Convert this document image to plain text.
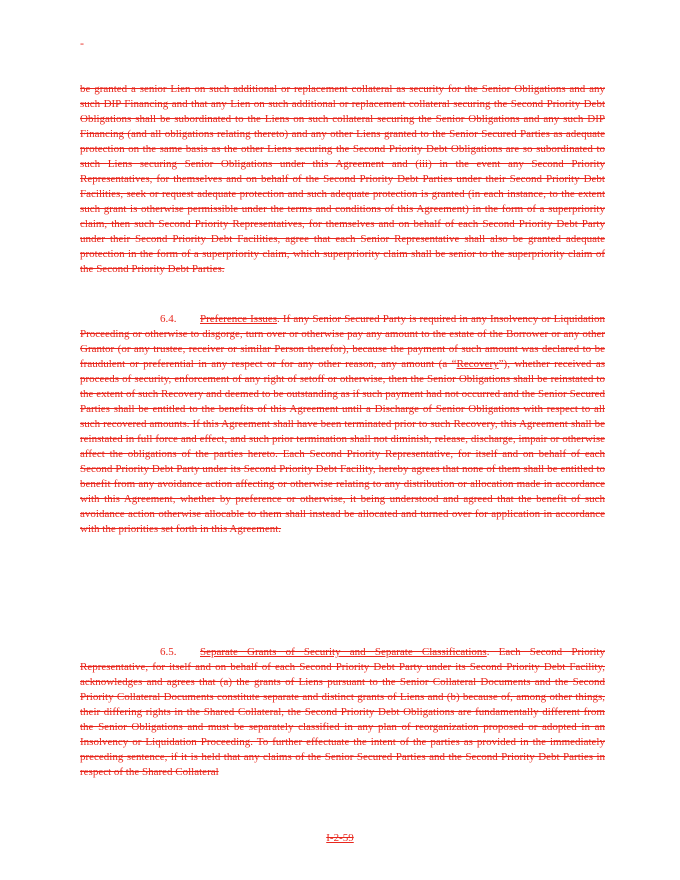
-

be granted a senior Lien on such additional or replacement collateral as security for the Senior Obligations and any such DIP Financing and that any Lien on such additional or replacement collateral securing the Second Priority Debt Obligations shall be subordinated to the Liens on such collateral securing the Senior Obligations and any such DIP Financing (and all obligations relating thereto) and any other Liens granted to the Senior Secured Parties as adequate protection on the same basis as the other Liens securing the Second Priority Debt Obligations are so subordinated to such Liens securing Senior Obligations under this Agreement and (iii) in the event any Second Priority Representatives, for themselves and on behalf of the Second Priority Debt Parties under their Second Priority Debt Facilities, seek or request adequate protection and such adequate protection is granted (in each instance, to the extent such grant is otherwise permissible under the terms and conditions of this Agreement) in the form of a superpriority claim, then such Second Priority Representatives, for themselves and on behalf of each Second Priority Debt Party under their Second Priority Debt Facilities, agree that each Senior Representative shall also be granted adequate protection in the form of a superpriority claim, which superpriority claim shall be senior to the superpriority claim of the Second Priority Debt Parties.

6.4. Preference Issues. If any Senior Secured Party is required in any Insolvency or Liquidation Proceeding or otherwise to disgorge, turn over or otherwise pay any amount to the estate of the Borrower or any other Grantor (or any trustee, receiver or similar Person therefor), because the payment of such amount was declared to be fraudulent or preferential in any respect or for any other reason, any amount (a “Recovery”), whether received as proceeds of security, enforcement of any right of setoff or otherwise, then the Senior Obligations shall be reinstated to the extent of such Recovery and deemed to be outstanding as if such payment had not occurred and the Senior Secured Parties shall be entitled to the benefits of this Agreement until a Discharge of Senior Obligations with respect to all such recovered amounts. If this Agreement shall have been terminated prior to such Recovery, this Agreement shall be reinstated in full force and effect, and such prior termination shall not diminish, release, discharge, impair or otherwise affect the obligations of the parties hereto. Each Second Priority Representative, for itself and on behalf of each Second Priority Debt Party under its Second Priority Debt Facility, hereby agrees that none of them shall be entitled to benefit from any avoidance action affecting or otherwise relating to any distribution or allocation made in accordance with this Agreement, whether by preference or otherwise, it being understood and agreed that the benefit of such avoidance action otherwise allocable to them shall instead be allocated and turned over for application in accordance with the priorities set forth in this Agreement.

6.5. Separate Grants of Security and Separate Classifications. Each Second Priority Representative, for itself and on behalf of each Second Priority Debt Party under its Second Priority Debt Facility, acknowledges and agrees that (a) the grants of Liens pursuant to the Senior Collateral Documents and the Second Priority Collateral Documents constitute separate and distinct grants of Liens and (b) because of, among other things, their differing rights in the Shared Collateral, the Second Priority Debt Obligations are fundamentally different from the Senior Obligations and must be separately classified in any plan of reorganization proposed or adopted in an Insolvency or Liquidation Proceeding. To further effectuate the intent of the parties as provided in the immediately preceding sentence, if it is held that any claims of the Senior Secured Parties and the Second Priority Debt Parties in respect of the Shared Collateral

I-2-59
